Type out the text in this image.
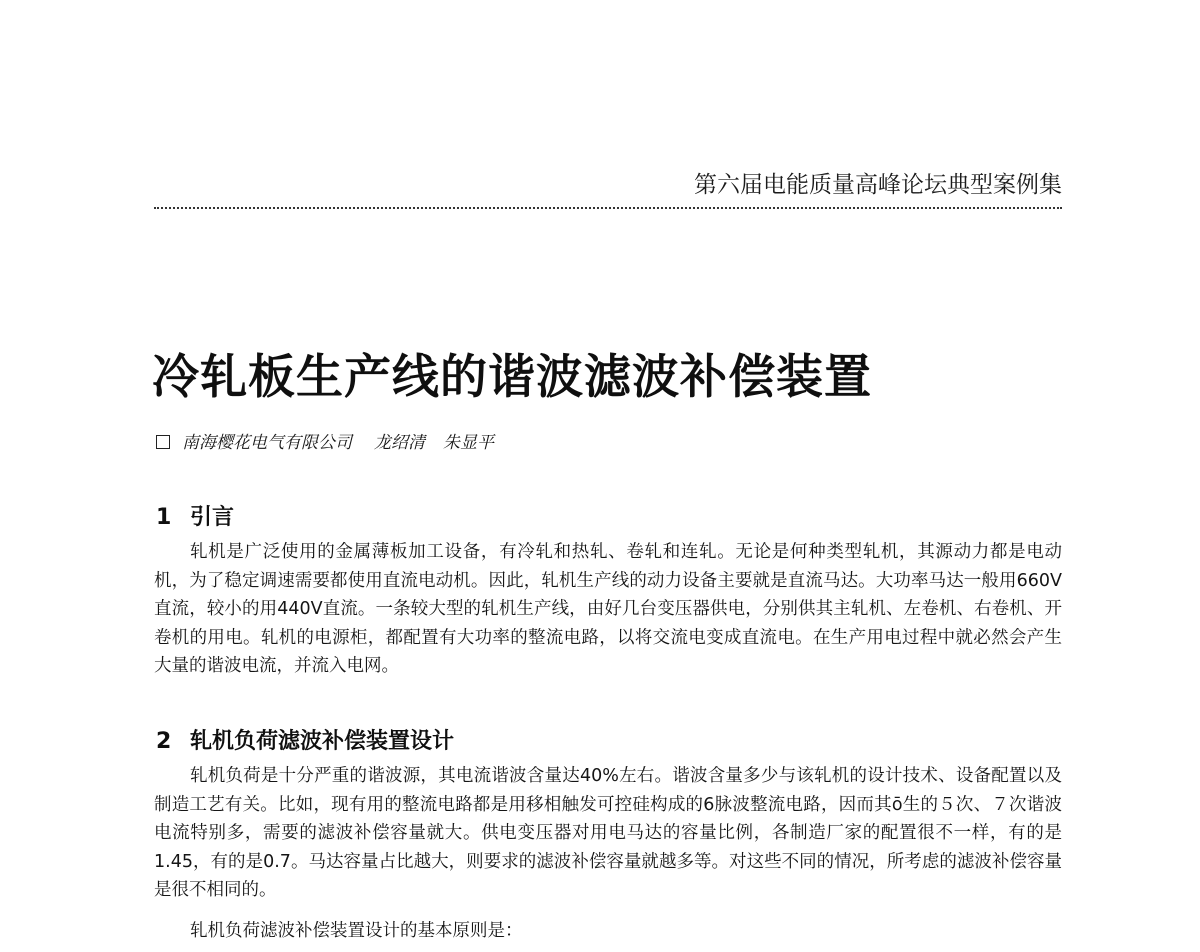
第六届电能质量高峰论坛典型案例集
冷轧板生产线的谐波滤波补偿装置
南海樱花电气有限公司 龙绍清 朱显平
1 引言
轧机是广泛使用的金属薄板加工设备，有冷轧和热轧、卷轧和连轧。无论是何种类型轧机，其源动力都是电动机，为了稳定调速需要都使用直流电动机。因此，轧机生产线的动力设备主要就是直流马达。大功率马达一般用660V直流，较小的用440V直流。一条较大型的轧机生产线，由好几台变压器供电，分别供其主轧机、左卷机、右卷机、开卷机的用电。轧机的电源柜，都配置有大功率的整流电路，以将交流电变成直流电。在生产用电过程中就必然会产生大量的谐波电流，并流入电网。
2 轧机负荷滤波补偿装置设计
轧机负荷是十分严重的谐波源，其电流谐波含量达40%左右。谐波含量多少与该轧机的设计技术、设备配置以及制造工艺有关。比如，现有用的整流电路都是用移相触发可控硅构成的6脉波整流电路，因而其ō生的５次、７次谐波电流特别多，需要的滤波补偿容量就大。供电变压器对用电马达的容量比例，各制造厂家的配置很不一样，有的是1.45，有的是0.7。马达容量占比越大，则要求的滤波补偿容量就越多等。对这些不同的情况，所考虑的滤波补偿容量是很不相同的。
轧机负荷滤波补偿装置设计的基本原则是：
